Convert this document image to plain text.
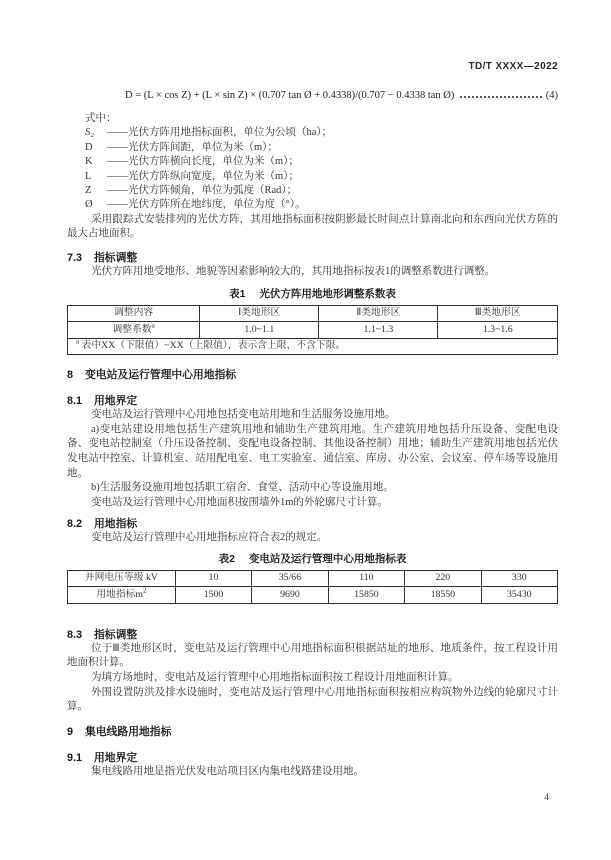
TD/T XXXX—2022
D = (L × cos Z) + (L × sin Z) × (0.707 tan Ø + 0.4338)/(0.707 − 0.4338 tan Ø)	(4)
式中：
S₂	——光伏方阵用地指标面积，单位为公顷（ha）；
D	——光伏方阵间距，单位为米（m）；
K	——光伏方阵横向长度，单位为米（m）；
L	——光伏方阵纵向宽度，单位为米（m）；
Z	——光伏方阵倾角，单位为弧度（Rad）；
Ø	——光伏方阵所在地纬度，单位为度（°）。

采用跟踪式安装排列的光伏方阵，其用地指标面积按阴影最长时间点计算南北向和东西向光伏方阵的最大占地面积。

7.3 指标调整

光伏方阵用地受地形、地貌等因素影响较大的，其用地指标按表1的调整系数进行调整。

表1 光伏方阵用地地形调整系数表
调整内容	Ⅰ类地形区	Ⅱ类地形区	Ⅲ类地形区
调整系数$^a$	1.0~1.1	1.1~1.3	1.3~1.6
$^a$ 表中XX（下限值）~XX（上限值），表示含上限，不含下限。			
8 变电站及运行管理中心用地指标
8.1 用地界定

变电站及运行管理中心用地包括变电站用地和生活服务设施用地。

a)变电站建设用地包括生产建筑用地和辅助生产建筑用地。生产建筑用地包括升压设备、变配电设备、变电站控制室（升压设备控制、变配电设备控制、其他设备控制）用地；辅助生产建筑用地包括光伏发电站中控室、计算机室、站用配电室、电工实验室、通信室、库房、办公室、会议室、停车场等设施用地。

b)生活服务设施用地包括职工宿舍、食堂、活动中心等设施用地。

变电站及运行管理中心用地面积按围墙外1m的外轮廓尺寸计算。

8.2 用地指标

变电站及运行管理中心用地指标应符合表2的规定。

表2 变电站及运行管理中心用地指标表
并网电压等级 kV	10	35/66	110	220	330
用地指标$m^2$	1500	9690	15850	18550	35430
8.3 指标调整

位于Ⅲ类地形区时，变电站及运行管理中心用地指标面积根据站址的地形、地质条件，按工程设计用地面积计算。

为填方场地时，变电站及运行管理中心用地指标面积按工程设计用地面积计算。

外围设置防洪及排水设施时，变电站及运行管理中心用地指标面积按相应构筑物外边线的轮廓尺寸计算。

9 集电线路用地指标
9.1 用地界定

集电线路用地是指光伏发电站项目区内集电线路建设用地。

4
